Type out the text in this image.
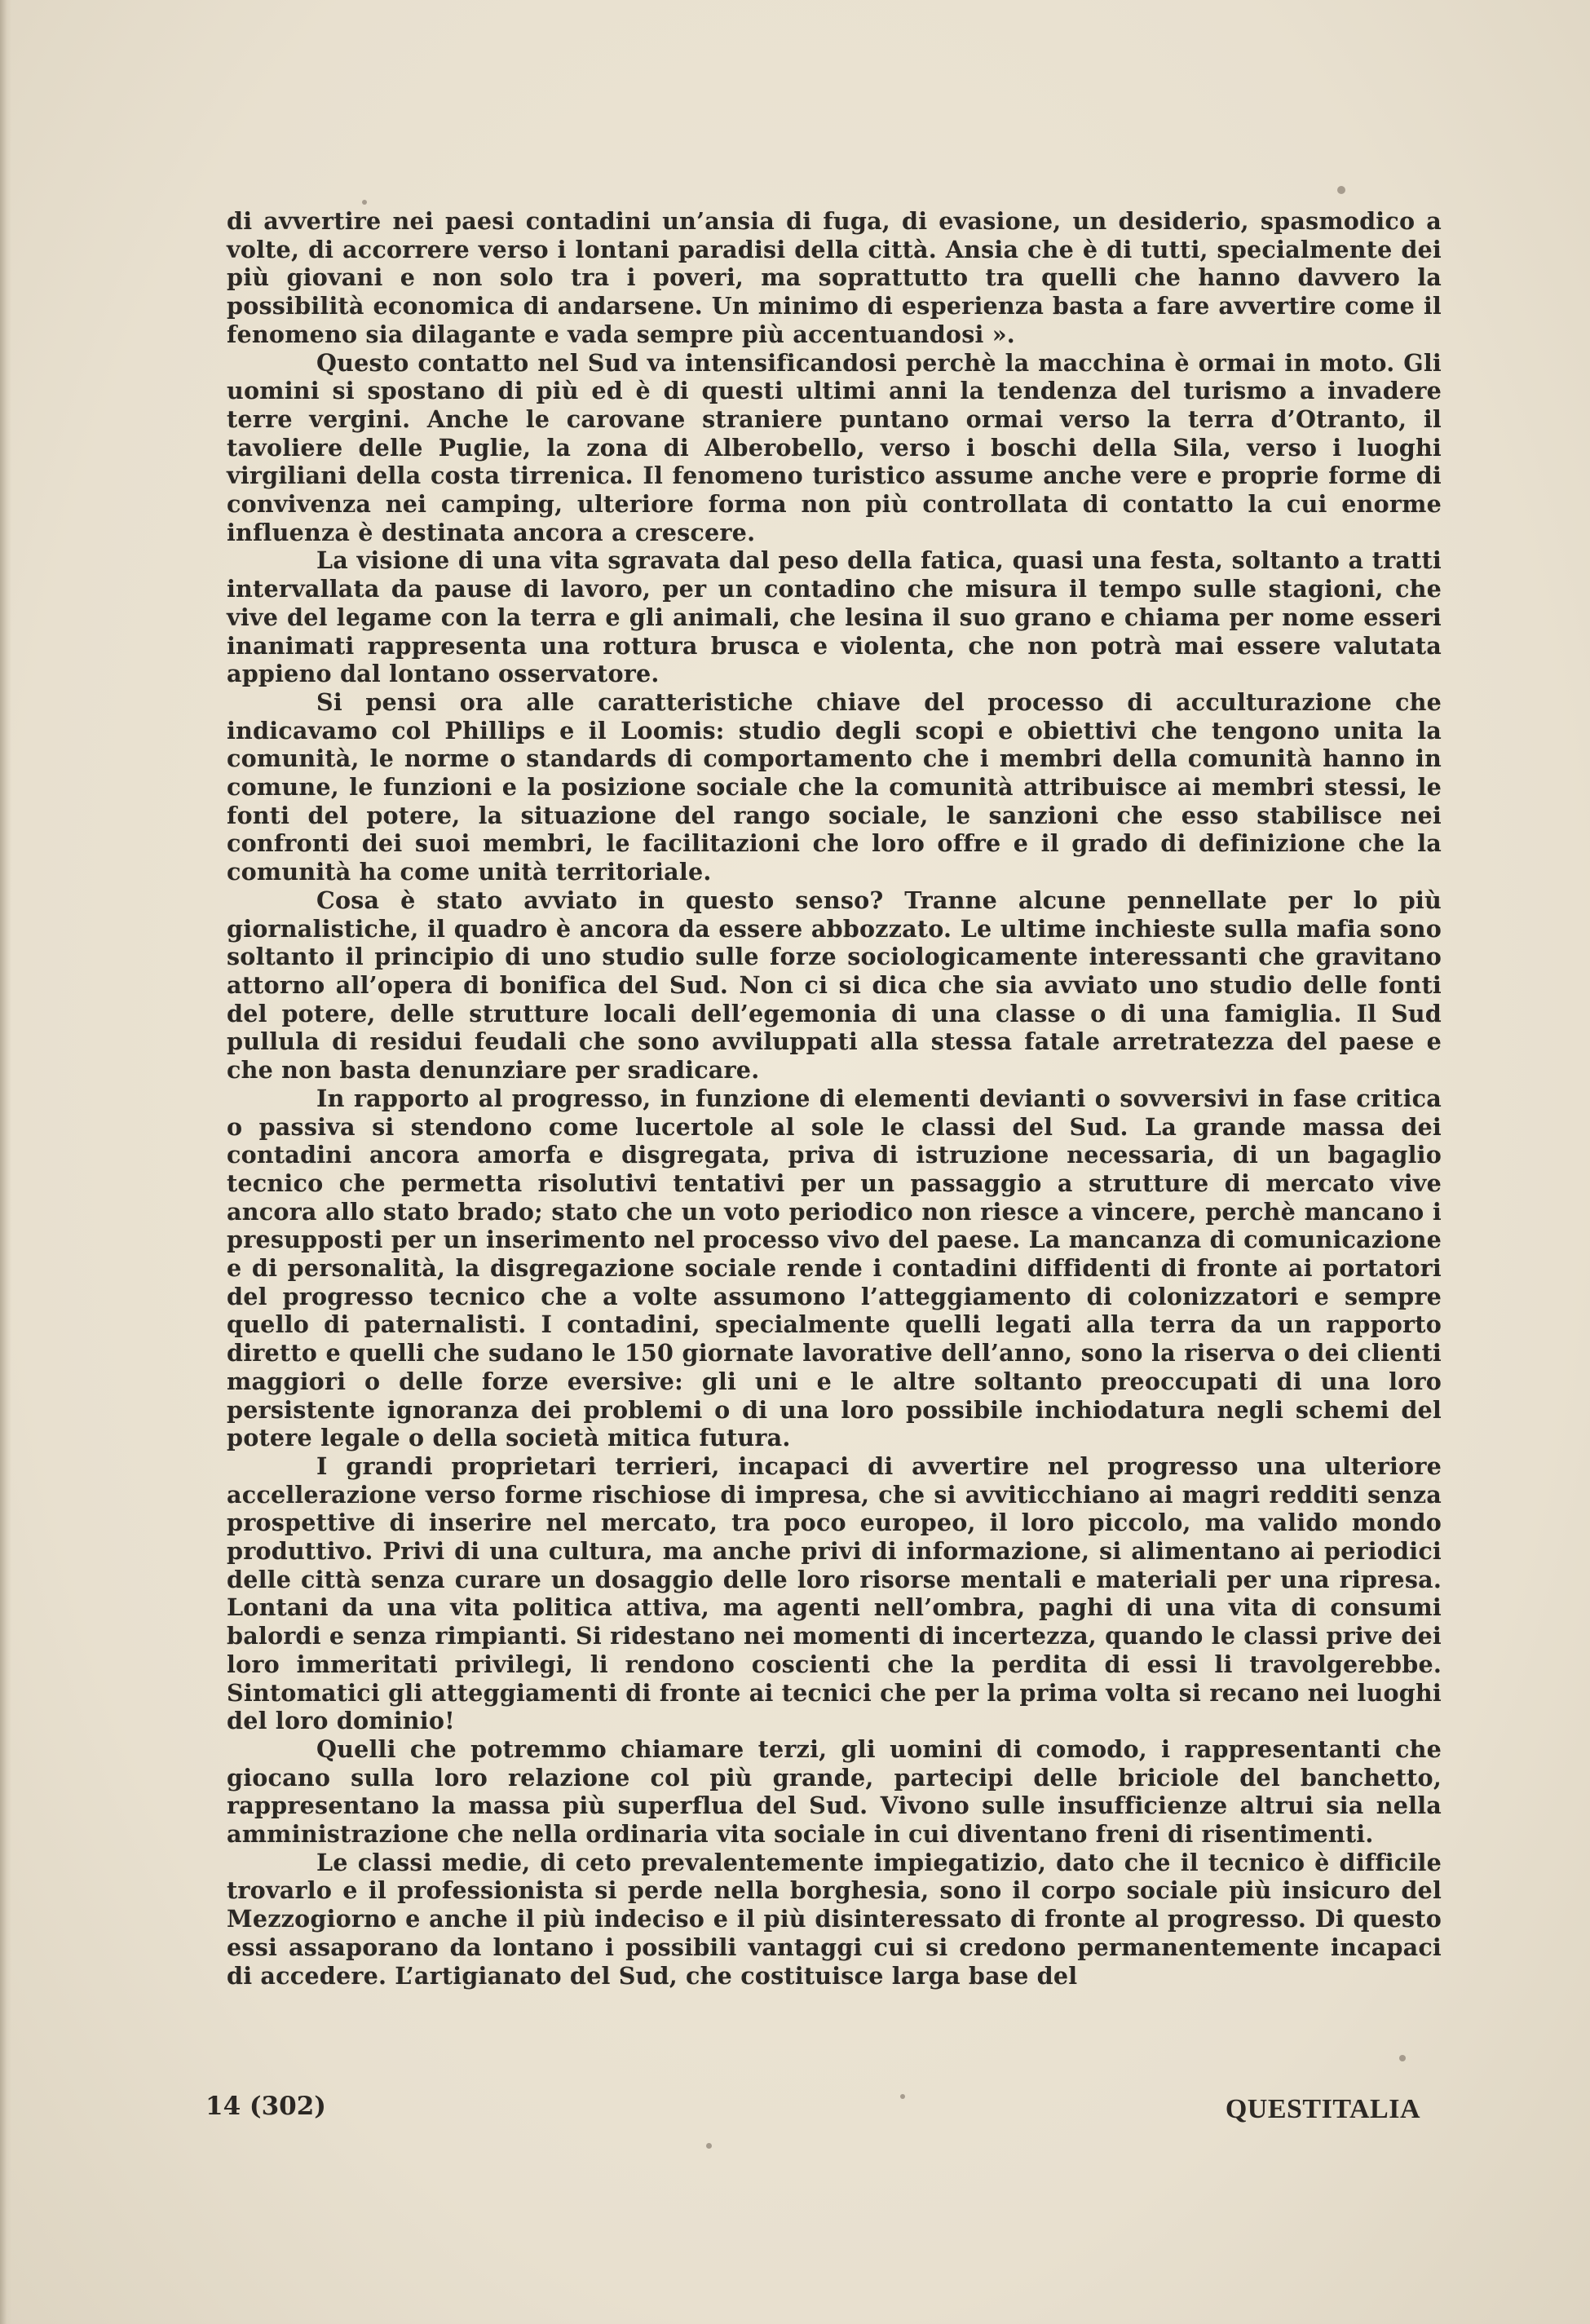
di avvertire nei paesi contadini un’ansia di fuga, di evasione, un desiderio, spasmodico a volte, di accorrere verso i lontani paradisi della città. Ansia che è di tutti, specialmente dei più giovani e non solo tra i poveri, ma soprattutto tra quelli che hanno davvero la possibilità economica di andarsene. Un minimo di esperienza basta a fare avvertire come il fenomeno sia dilagante e vada sempre più accentuandosi ».

Questo contatto nel Sud va intensificandosi perchè la macchina è ormai in moto. Gli uomini si spostano di più ed è di questi ultimi anni la tendenza del turismo a invadere terre vergini. Anche le carovane straniere puntano ormai verso la terra d’Otranto, il tavoliere delle Puglie, la zona di Alberobello, verso i boschi della Sila, verso i luoghi virgiliani della costa tirrenica. Il fenomeno turistico assume anche vere e proprie forme di convivenza nei camping, ulteriore forma non più controllata di contatto la cui enorme influenza è destinata ancora a crescere.

La visione di una vita sgravata dal peso della fatica, quasi una festa, soltanto a tratti intervallata da pause di lavoro, per un contadino che misura il tempo sulle stagioni, che vive del legame con la terra e gli animali, che lesina il suo grano e chiama per nome esseri inanimati rappresenta una rottura brusca e violenta, che non potrà mai essere valutata appieno dal lontano osservatore.

Si pensi ora alle caratteristiche chiave del processo di acculturazione che indicavamo col Phillips e il Loomis: studio degli scopi e obiettivi che tengono unita la comunità, le norme o standards di comportamento che i membri della comunità hanno in comune, le funzioni e la posizione sociale che la comunità attribuisce ai membri stessi, le fonti del potere, la situazione del rango sociale, le sanzioni che esso stabilisce nei confronti dei suoi membri, le facilitazioni che loro offre e il grado di definizione che la comunità ha come unità territoriale.

Cosa è stato avviato in questo senso? Tranne alcune pennellate per lo più giornalistiche, il quadro è ancora da essere abbozzato. Le ultime inchieste sulla mafia sono soltanto il principio di uno studio sulle forze sociologicamente interessanti che gravitano attorno all’opera di bonifica del Sud. Non ci si dica che sia avviato uno studio delle fonti del potere, delle strutture locali dell’egemonia di una classe o di una famiglia. Il Sud pullula di residui feudali che sono avviluppati alla stessa fatale arretratezza del paese e che non basta denunziare per sradicare.

In rapporto al progresso, in funzione di elementi devianti o sovversivi in fase critica o passiva si stendono come lucertole al sole le classi del Sud. La grande massa dei contadini ancora amorfa e disgregata, priva di istruzione necessaria, di un bagaglio tecnico che permetta risolutivi tentativi per un passaggio a strutture di mercato vive ancora allo stato brado; stato che un voto periodico non riesce a vincere, perchè mancano i presupposti per un inserimento nel processo vivo del paese. La mancanza di comunicazione e di personalità, la disgregazione sociale rende i contadini diffidenti di fronte ai portatori del progresso tecnico che a volte assumono l’atteggiamento di colonizzatori e sempre quello di paternalisti. I contadini, specialmente quelli legati alla terra da un rapporto diretto e quelli che sudano le 150 giornate lavorative dell’anno, sono la riserva o dei clienti maggiori o delle forze eversive: gli uni e le altre soltanto preoccupati di una loro persistente ignoranza dei problemi o di una loro possibile inchiodatura negli schemi del potere legale o della società mitica futura.

I grandi proprietari terrieri, incapaci di avvertire nel progresso una ulteriore accellerazione verso forme rischiose di impresa, che si avviticchiano ai magri redditi senza prospettive di inserire nel mercato, tra poco europeo, il loro piccolo, ma valido mondo produttivo. Privi di una cultura, ma anche privi di informazione, si alimentano ai periodici delle città senza curare un dosaggio delle loro risorse mentali e materiali per una ripresa. Lontani da una vita politica attiva, ma agenti nell’ombra, paghi di una vita di consumi balordi e senza rimpianti. Si ridestano nei momenti di incertezza, quando le classi prive dei loro immeritati privilegi, li rendono coscienti che la perdita di essi li travolgerebbe. Sintomatici gli atteggiamenti di fronte ai tecnici che per la prima volta si recano nei luoghi del loro dominio!

Quelli che potremmo chiamare terzi, gli uomini di comodo, i rappresentanti che giocano sulla loro relazione col più grande, partecipi delle briciole del banchetto, rappresentano la massa più superflua del Sud. Vivono sulle insufficienze altrui sia nella amministrazione che nella ordinaria vita sociale in cui diventano freni di risentimenti.

Le classi medie, di ceto prevalentemente impiegatizio, dato che il tecnico è difficile trovarlo e il professionista si perde nella borghesia, sono il corpo sociale più insicuro del Mezzogiorno e anche il più indeciso e il più disinteressato di fronte al progresso. Di questo essi assaporano da lontano i possibili vantaggi cui si credono permanentemente incapaci di accedere. L’artigianato del Sud, che costituisce larga base del

14 (302)	QUESTITALIA
